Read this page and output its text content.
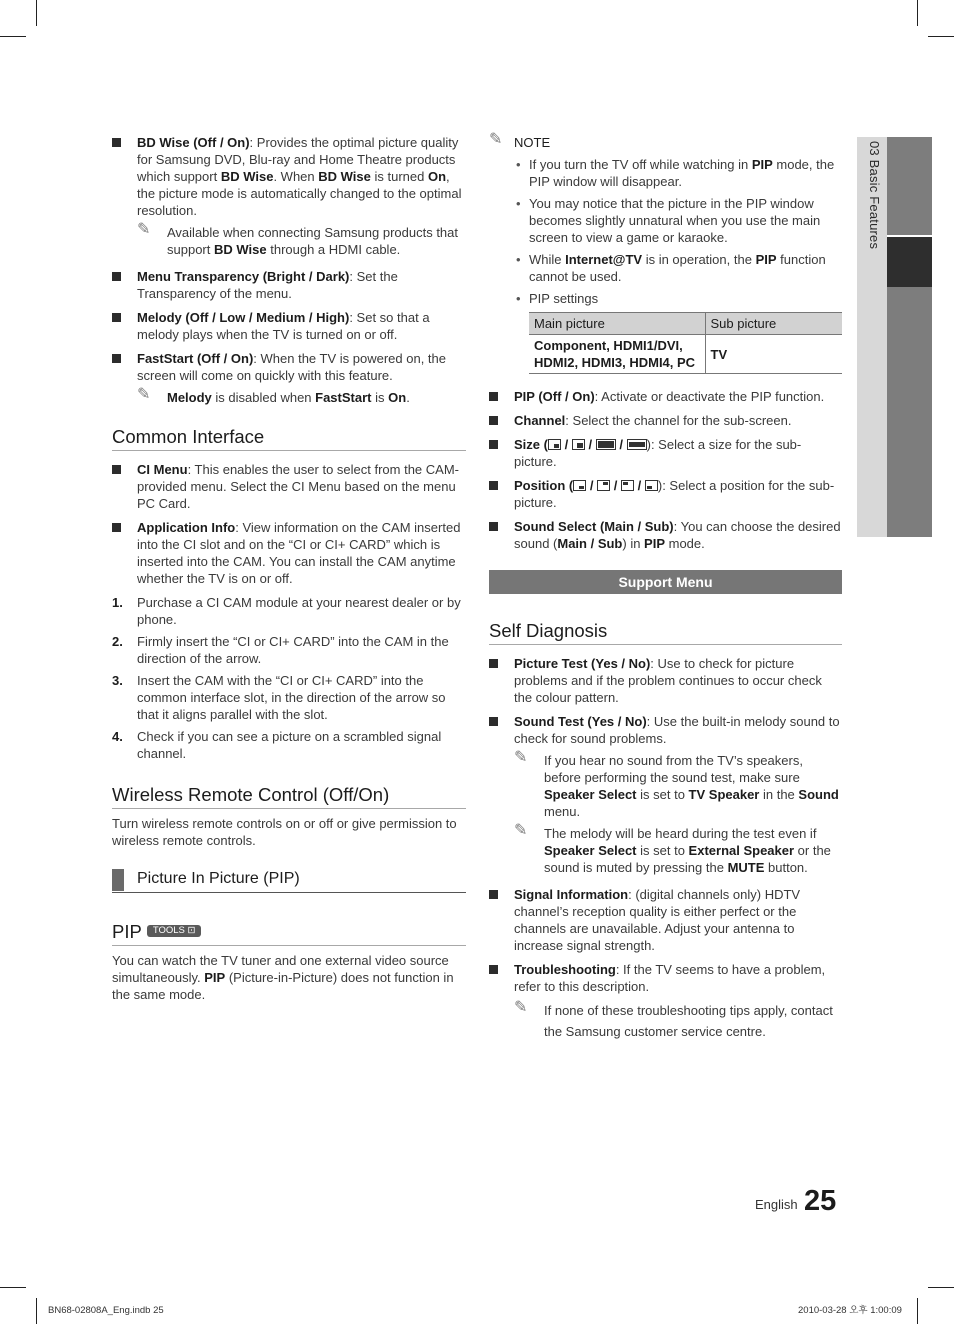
03 Basic Features
BD Wise (Off / On): Provides the optimal picture quality for Samsung DVD, Blu-ray and Home Theatre products which support BD Wise. When BD Wise is turned On, the picture mode is automatically changed to the optimal resolution.
✎ Available when connecting Samsung products that support BD Wise through a HDMI cable.
Menu Transparency (Bright / Dark): Set the Transparency of the menu.
Melody (Off / Low / Medium / High): Set so that a melody plays when the TV is turned on or off.
FastStart (Off / On): When the TV is powered on, the screen will come on quickly with this feature.
✎ Melody is disabled when FastStart is On.
Common Interface
CI Menu: This enables the user to select from the CAM-provided menu. Select the CI Menu based on the menu PC Card.
Application Info: View information on the CAM inserted into the CI slot and on the “CI or CI+ CARD” which is inserted into the CAM. You can install the CAM anytime whether the TV is on or off.
1. Purchase a CI CAM module at your nearest dealer or by phone.
2. Firmly insert the “CI or CI+ CARD” into the CAM in the direction of the arrow.
3. Insert the CAM with the “CI or CI+ CARD” into the common interface slot, in the direction of the arrow so that it aligns parallel with the slot.
4. Check if you can see a picture on a scrambled signal channel.
Wireless Remote Control (Off/On)

Turn wireless remote controls on or off or give permission to wireless remote controls.

Picture In Picture (PIP)
PIP TOOLS ⊡

You can watch the TV tuner and one external video source simultaneously. PIP (Picture-in-Picture) does not function in the same mode.

✎ NOTE
• If you turn the TV off while watching in PIP mode, the PIP window will disappear.
• You may notice that the picture in the PIP window becomes slightly unnatural when you use the main screen to view a game or karaoke.
• While Internet@TV is in operation, the PIP function cannot be used.
• PIP settings
Main picture	Sub picture
Component, HDMI1/DVI, HDMI2, HDMI3, HDMI4, PC	TV
PIP (Off / On): Activate or deactivate the PIP function.
Channel: Select the channel for the sub-screen.
Size ( / / / ): Select a size for the sub-picture.
Position ( / / / ): Select a position for the sub-picture.
Sound Select (Main / Sub): You can choose the desired sound (Main / Sub) in PIP mode.
Support Menu
Self Diagnosis
Picture Test (Yes / No): Use to check for picture problems and if the problem continues to occur check the colour pattern.
Sound Test (Yes / No): Use the built-in melody sound to check for sound problems.
✎ If you hear no sound from the TV’s speakers, before performing the sound test, make sure Speaker Select is set to TV Speaker in the Sound menu.
✎ The melody will be heard during the test even if Speaker Select is set to External Speaker or the sound is muted by pressing the MUTE button.
Signal Information: (digital channels only) HDTV channel’s reception quality is either perfect or the channels are unavailable. Adjust your antenna to increase signal strength.
Troubleshooting: If the TV seems to have a problem, refer to this description.
✎ If none of these troubleshooting tips apply, contact the Samsung customer service centre.
English 25
BN68-02808A_Eng.indb 25	2010-03-28 오후 1:00:09
